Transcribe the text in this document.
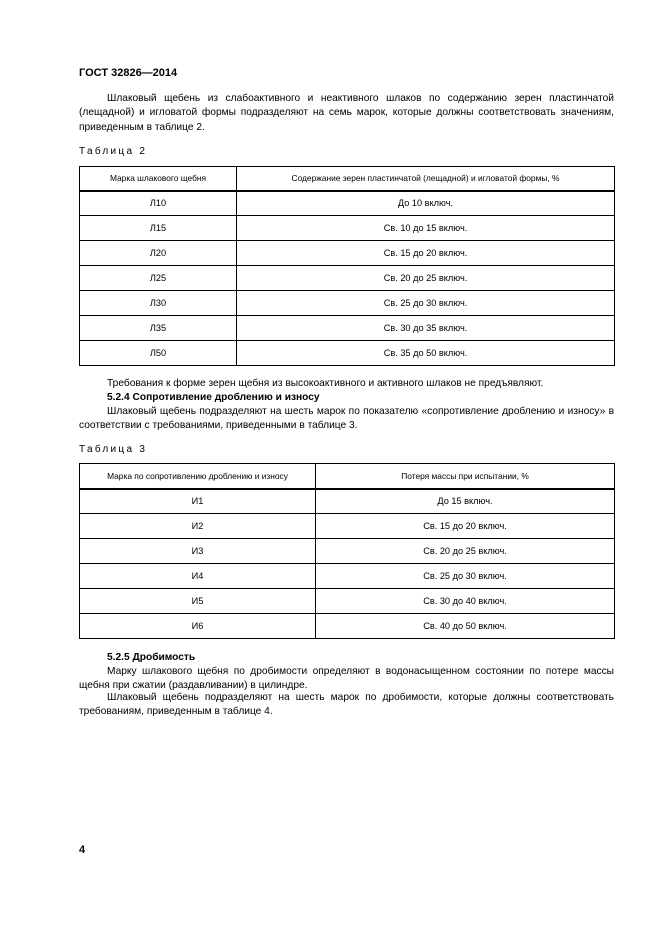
ГОСТ 32826—2014
Шлаковый щебень из слабоактивного и неактивного шлаков по содержанию зерен пластинчатой (лещадной) и игловатой формы подразделяют на семь марок, которые должны соответствовать значениям, приведенным в таблице 2.
Таблица 2
Марка шлакового щебня	Содержание зерен пластинчатой (лещадной) и игловатой формы, %
Л10	До 10 включ.
Л15	Св. 10 до 15 включ.
Л20	Св. 15 до 20 включ.
Л25	Св. 20 до 25 включ.
Л30	Св. 25 до 30 включ.
Л35	Св. 30 до 35 включ.
Л50	Св. 35 до 50 включ.
Требования к форме зерен щебня из высокоактивного и активного шлаков не предъявляют.
5.2.4 Сопротивление дроблению и износу
Шлаковый щебень подразделяют на шесть марок по показателю «сопротивление дроблению и износу» в соответствии с требованиями, приведенными в таблице 3.
Таблица 3
Марка по сопротивлению дроблению и износу	Потеря массы при испытании, %
И1	До 15 включ.
И2	Св. 15 до 20 включ.
И3	Св. 20 до 25 включ.
И4	Св. 25 до 30 включ.
И5	Св. 30 до 40 включ.
И6	Св. 40 до 50 включ.
5.2.5 Дробимость
Марку шлакового щебня по дробимости определяют в водонасыщенном состоянии по потере массы щебня при сжатии (раздавливании) в цилиндре.
Шлаковый щебень подразделяют на шесть марок по дробимости, которые должны соответствовать требованиям, приведенным в таблице 4.
4
